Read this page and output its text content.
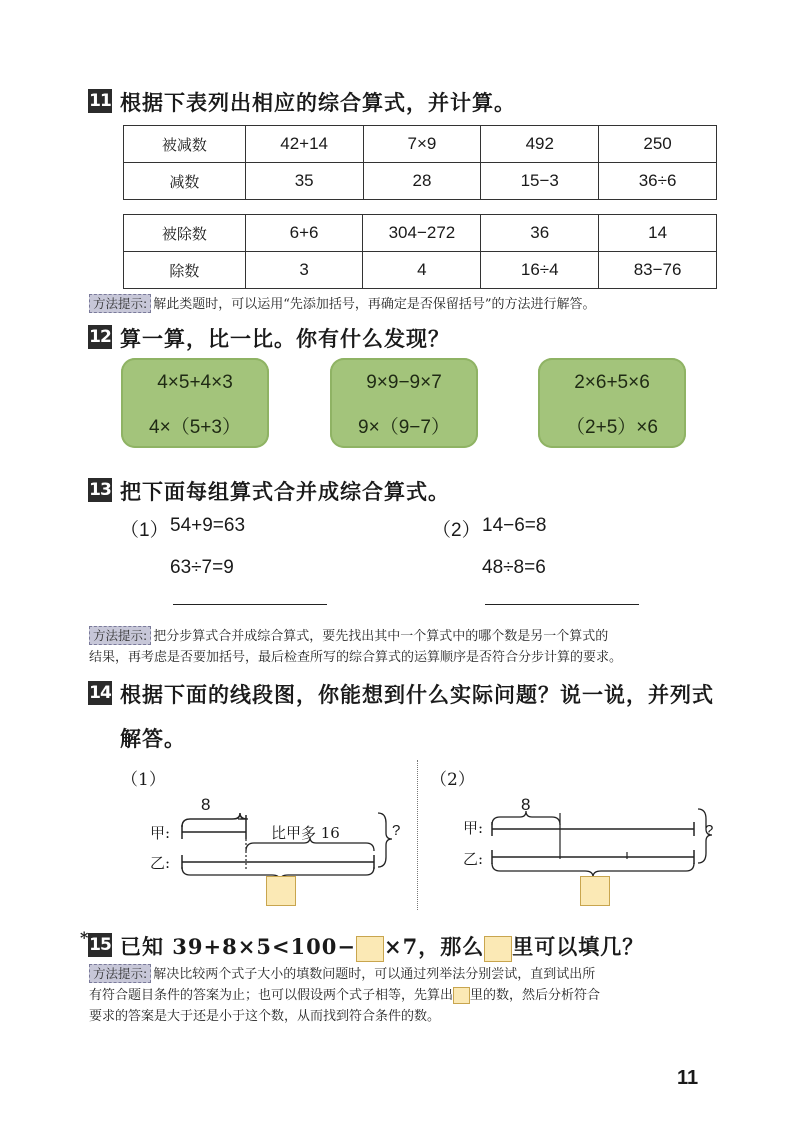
11 根据下表列出相应的综合算式，并计算。
被减数	42+14	7×9	492	250
减数	35	28	15−3	36÷6
被除数	6+6	304−272	36	14
除数	3	4	16÷4	83−76
方法提示: 解此类题时，可以运用“先添加括号，再确定是否保留括号”的方法进行解答。
12 算一算，比一比。你有什么发现？
4×5+4×3
4×（5+3）
9×9−9×7
9×（9−7）
2×6+5×6
（2+5）×6
13 把下面每组算式合并成综合算式。
（1） 54+9=63
63÷7=9
（2） 14−6=8
48÷8=6
方法提示: 把分步算式合并成综合算式，要先找出其中一个算式中的哪个数是另一个算式的
结果，再考虑是否要加括号，最后检查所写的综合算式的运算顺序是否符合分步计算的要求。
14 根据下面的线段图，你能想到什么实际问题？说一说，并列式
解答。
（1）
甲:
乙:
8
比甲多 16	?
（2）
甲:
乙:
8
?
* 15 已知 39+8×5<100− ×7，那么 里可以填几？
方法提示: 解决比较两个式子大小的填数问题时，可以通过列举法分别尝试，直到试出所
有符合题目条件的答案为止；也可以假设两个式子相等，先算出 里的数，然后分析符合
要求的答案是大于还是小于这个数，从而找到符合条件的数。
11
